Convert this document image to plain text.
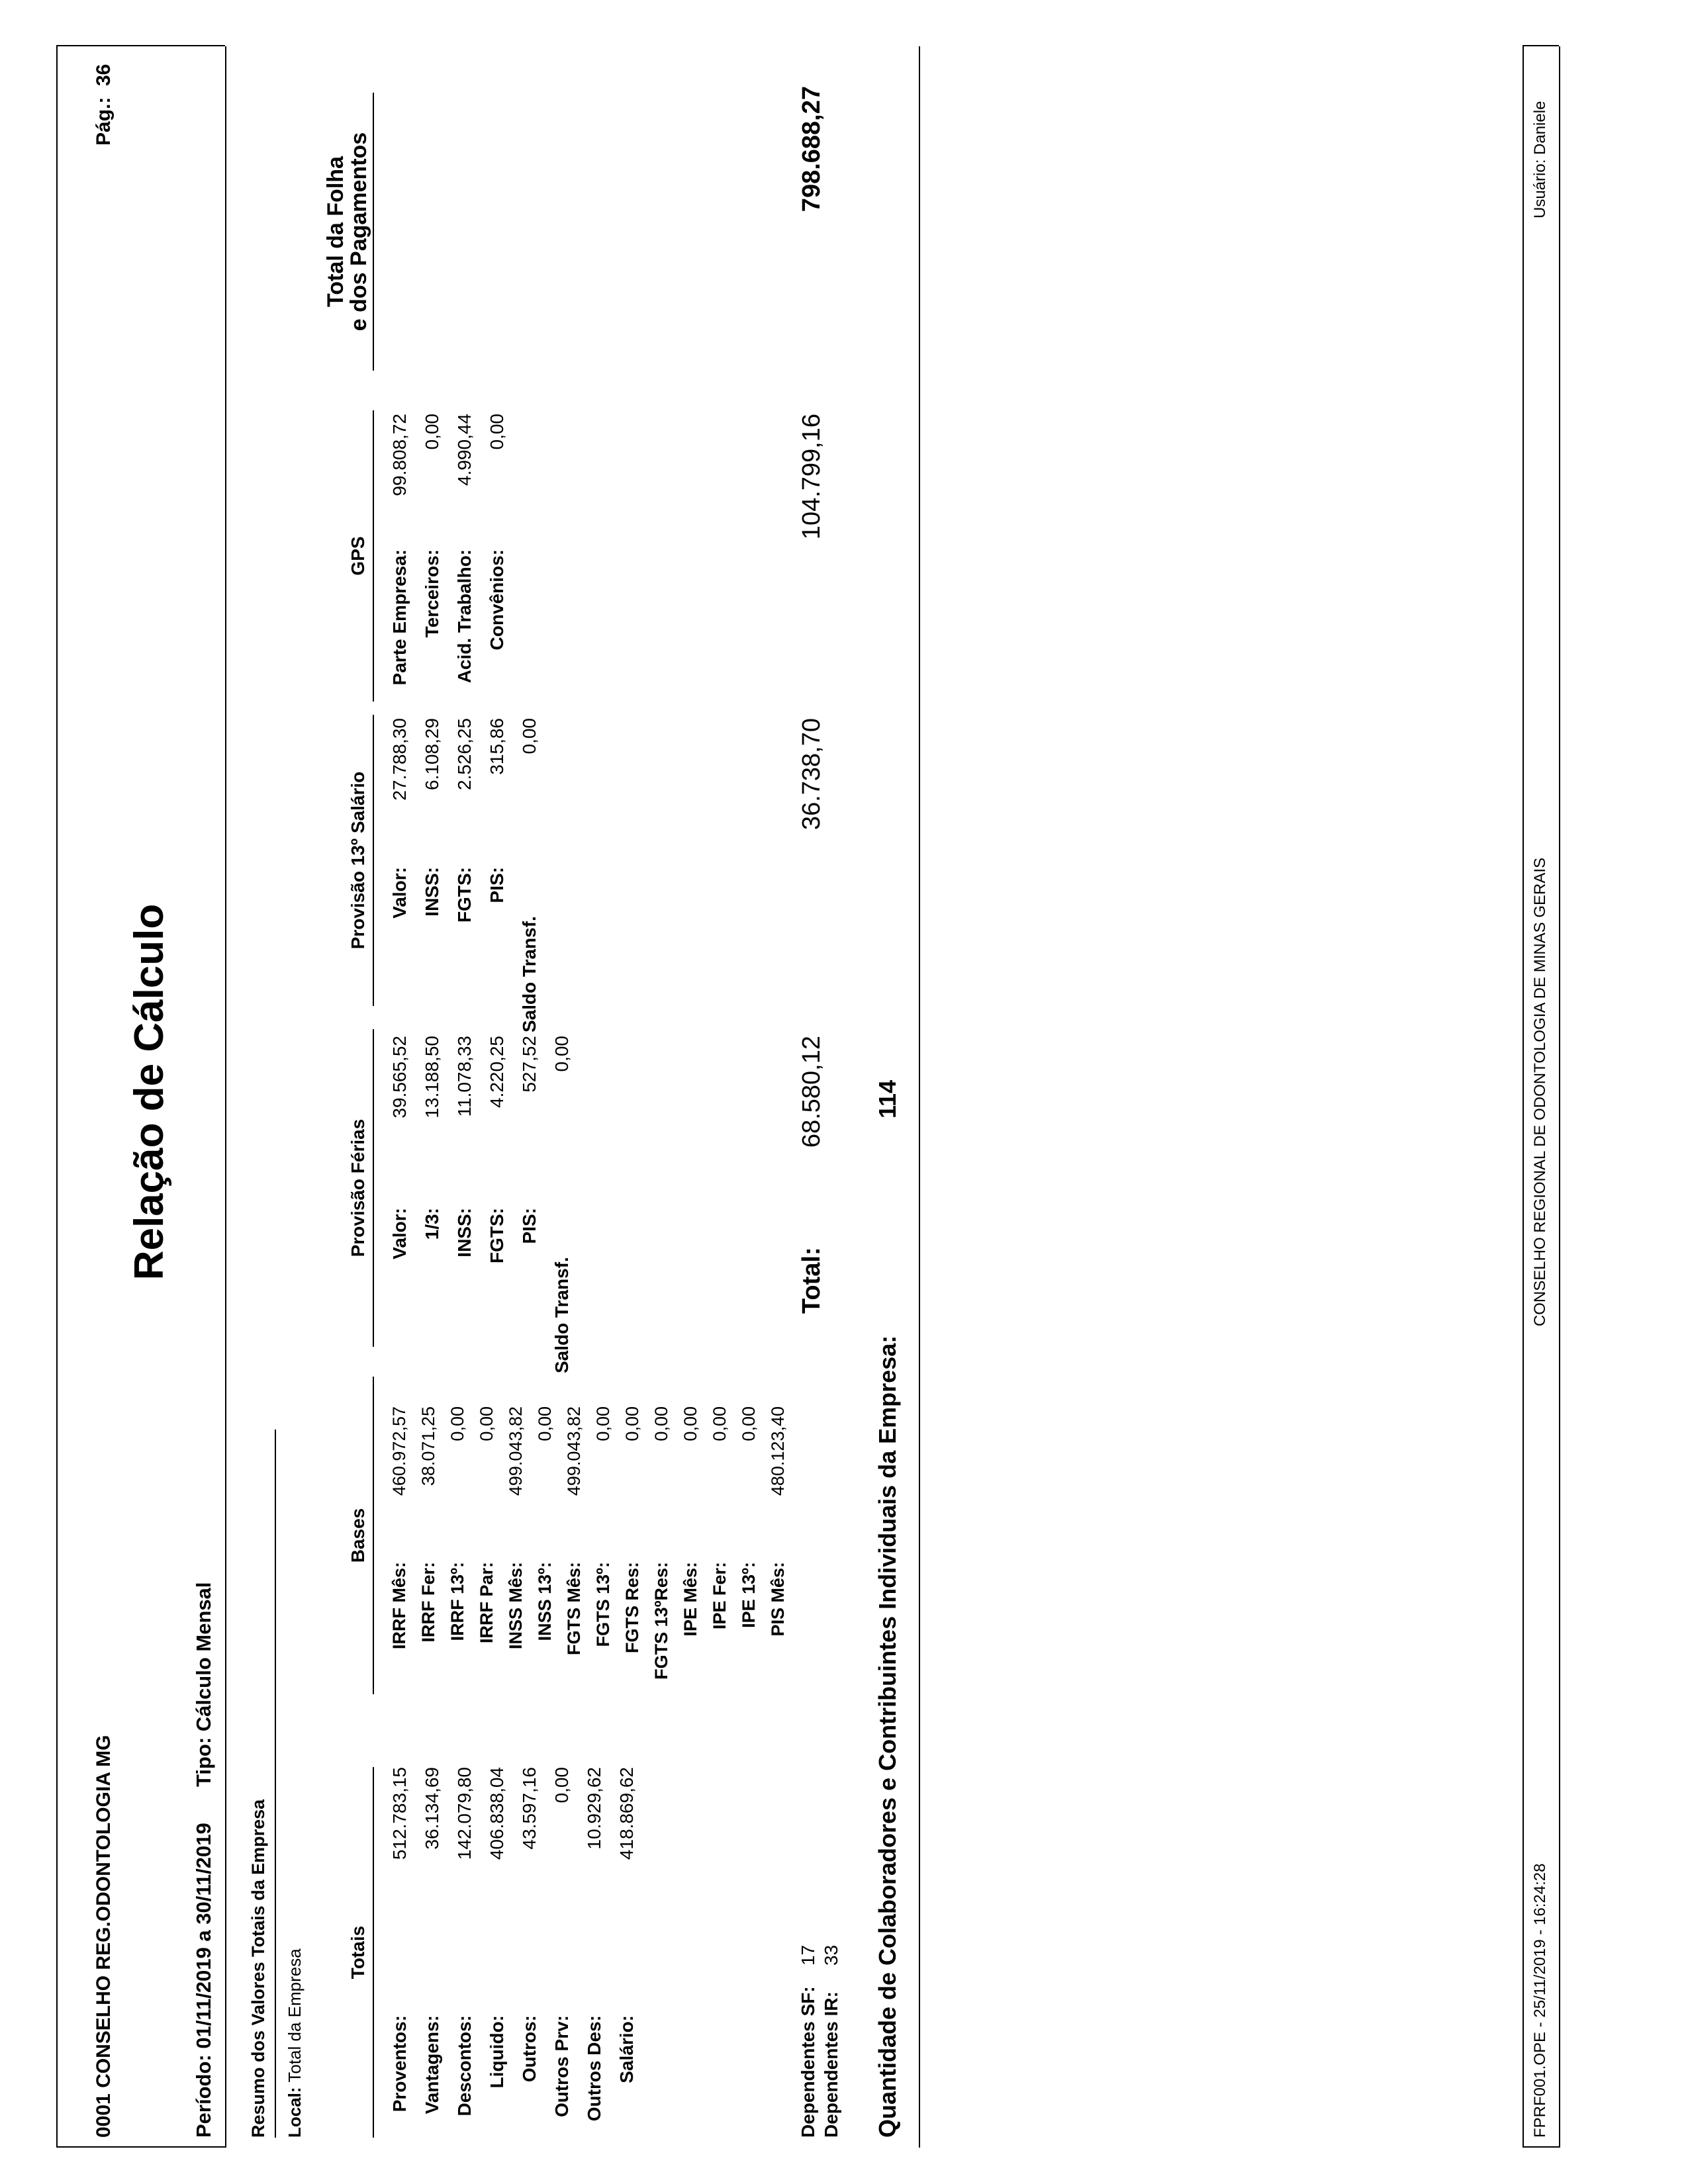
0001 CONSELHO REG.ODONTOLOGIA MG
Pág.:
36
Relação de Cálculo
Período: 01/11/2019 a 30/11/2019
Tipo: Cálculo Mensal
Resumo dos Valores Totais da Empresa Local: Total da Empresa Totais
Bases
Provisão Férias
Provisão 13º Salário
GPS
Total da Folha
e dos Pagamentos
Proventos:
512.783,15
Vantagens:
36.134,69
Descontos:
142.079,80
Liquido:
406.838,04
Outros:
43.597,16
Outros Prv:
0,00
Outros Des:
10.929,62
Salário:
418.869,62
Dependentes SF:
17
Dependentes IR:
33
IRRF Mês:
460.972,57
IRRF Fer:
38.071,25
IRRF 13º:
0,00
IRRF Par:
0,00
INSS Mês:
499.043,82
INSS 13º:
0,00
FGTS Mês:
499.043,82
FGTS 13º:
0,00
FGTS Res:
0,00
FGTS 13ºRes:
0,00
IPE Mês:
0,00
IPE Fer:
0,00
IPE 13º:
0,00
PIS Mês:
480.123,40
Valor:
39.565,52
1/3:
13.188,50
INSS:
11.078,33
FGTS:
4.220,25
PIS:
527,52
Saldo Transf.
0,00
Valor:
27.788,30
INSS:
6.108,29
FGTS:
2.526,25
PIS:
315,86
Saldo Transf.
0,00
Parte Empresa:
99.808,72
Terceiros:
0,00
Acid. Trabalho:
4.990,44
Convênios:
0,00
Total:
68.580,12
36.738,70
104.799,16
798.688,27
Quantidade de Colaboradores e Contribuintes Individuais da Empresa:
114
FPRF001.OPE - 25/11/2019 - 16:24:28
CONSELHO REGIONAL DE ODONTOLOGIA DE MINAS GERAIS
Usuário: Daniele
